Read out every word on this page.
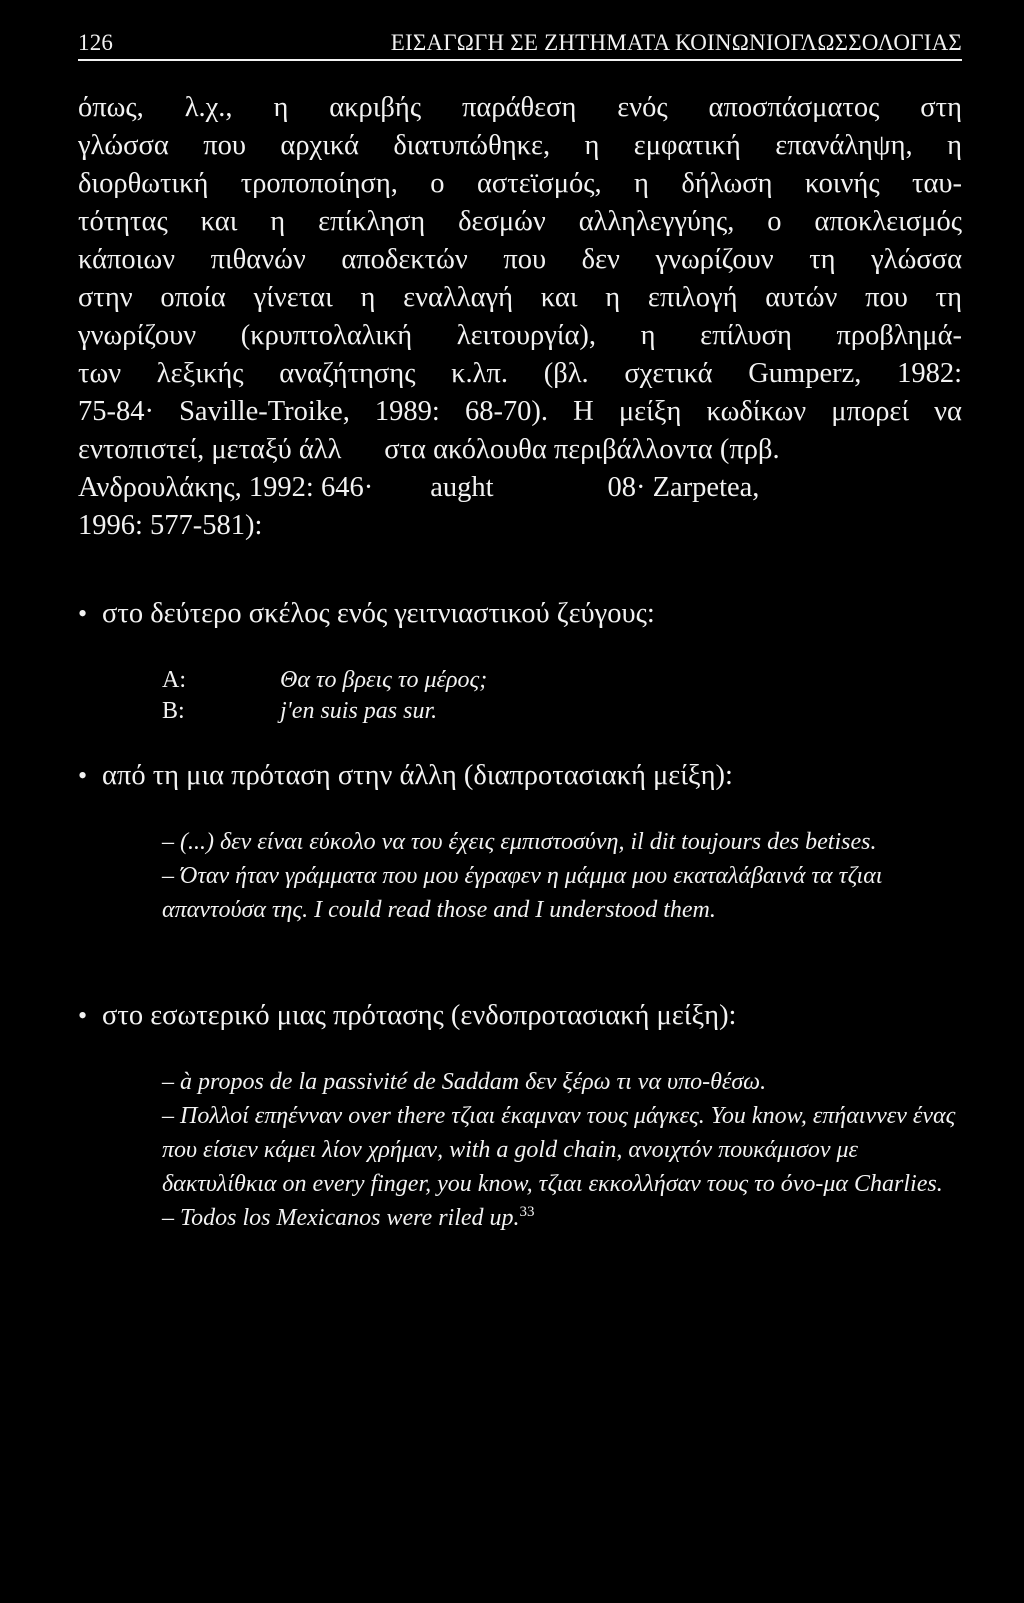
126	ΕΙΣΑΓΩΓΗ ΣΕ ΖΗΤΗΜΑΤΑ ΚΟΙΝΩΝΙΟΓΛΩΣΣΟΛΟΓΙΑΣ
όπως, λ.χ., η ακριβής παράθεση ενός αποσπάσματος στη
γλώσσα που αρχικά διατυπώθηκε, η εμφατική επανάληψη, η
διορθωτική τροποποίηση, ο αστεϊσμός, η δήλωση κοινής ταυ-
τότητας και η επίκληση δεσμών αλληλεγγύης, ο αποκλεισμός
κάποιων πιθανών αποδεκτών που δεν γνωρίζουν τη γλώσσα
στην οποία γίνεται η εναλλαγή και η επιλογή αυτών που τη
γνωρίζουν (κρυπτολαλική λειτουργία), η επίλυση προβλημά-
των λεξικής αναζήτησης κ.λπ. (βλ. σχετικά Gumperz, 1982:
75-84· Saville-Troike, 1989: 68-70). Η μείξη κωδίκων μπορεί να
εντοπιστεί, μεταξύ άλλ      στα ακόλουθα περιβάλλοντα (πρβ.
Ανδρουλάκης, 1992: 646·        aught                08· Zarpetea,
1996: 577-581):
• στο δεύτερο σκέλος ενός γειτνιαστικού ζεύγους:
A:	Θα το βρεις το μέρος;
B:	j'en suis pas sur.
• από τη μια πρόταση στην άλλη (διαπροτασιακή μείξη):

– (...) δεν είναι εύκολο να του έχεις εμπιστοσύνη, il dit toujours des betises.

– Όταν ήταν γράμματα που μου έγραφεν η μάμμα μου εκαταλάβαινά τα τζιαι απαντούσα της. I could read those and I understood them.

• στο εσωτερικό μιας πρότασης (ενδοπροτασιακή μείξη):

– à propos de la passivité de Saddam δεν ξέρω τι να υπο-θέσω.

– Πολλοί επηένναν over there τζιαι έκαμναν τους μάγκες. You know, επήαιννεν ένας που είσιεν κάμει λίον χρήμαν, with a gold chain, ανοιχτόν πουκάμισον με δακτυλίθκια on every finger, you know, τζιαι εκκολλήσαν τους το όνο-μα Charlies.

– Todos los Mexicanos were riled up.$^{33}$
